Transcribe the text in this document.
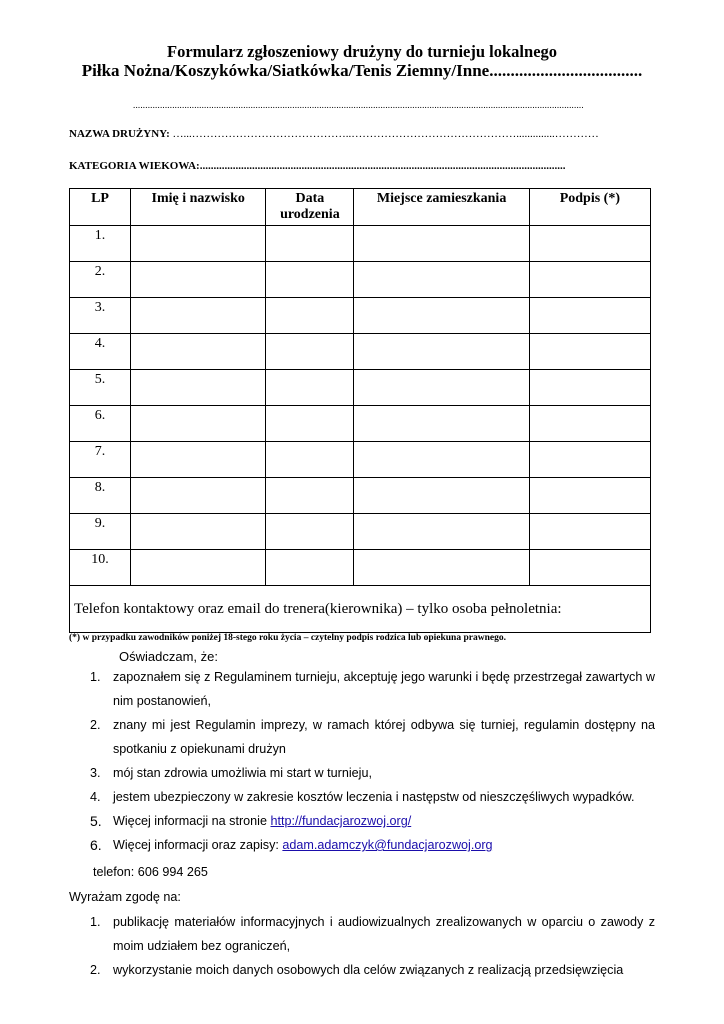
Formularz zgłoszeniowy drużyny do turnieju lokalnego
Piłka Nożna/Koszykówka/Siatkówka/Tenis Ziemny/Inne....................................
........................................................................................................................................................................................
NAZWA DRUŻYNY: …...……………………………………..………………………………………..............…………
KATEGORIA WIEKOWA:.....................................................................................................................................
LP	Imię i nazwisko	Data urodzenia	Miejsce zamieszkania	Podpis (*)
1.				
2.				
3.				
4.				
5.				
6.				
7.				
8.				
9.				
10.				
Telefon kontaktowy oraz email do trenera(kierownika) – tylko osoba pełnoletnia:				
(*) w przypadku zawodników poniżej 18-stego roku życia – czytelny podpis rodzica lub opiekuna prawnego.
Oświadczam, że:
1. zapoznałem się z Regulaminem turnieju, akceptuję jego warunki i będę przestrzegał zawartych w nim postanowień,
2. znany mi jest Regulamin imprezy, w ramach której odbywa się turniej, regulamin dostępny na spotkaniu z opiekunami drużyn
3. mój stan zdrowia umożliwia mi start w turnieju,
4. jestem ubezpieczony w zakresie kosztów leczenia i następstw od nieszczęśliwych wypadków.
5. Więcej informacji na stronie http://fundacjarozwoj.org/
6. Więcej informacji oraz zapisy: adam.adamczyk@fundacjarozwoj.org
telefon: 606 994 265
Wyrażam zgodę na:
1. publikację materiałów informacyjnych i audiowizualnych zrealizowanych w oparciu o zawody z moim udziałem bez ograniczeń,
2. wykorzystanie moich danych osobowych dla celów związanych z realizacją przedsięwzięcia
